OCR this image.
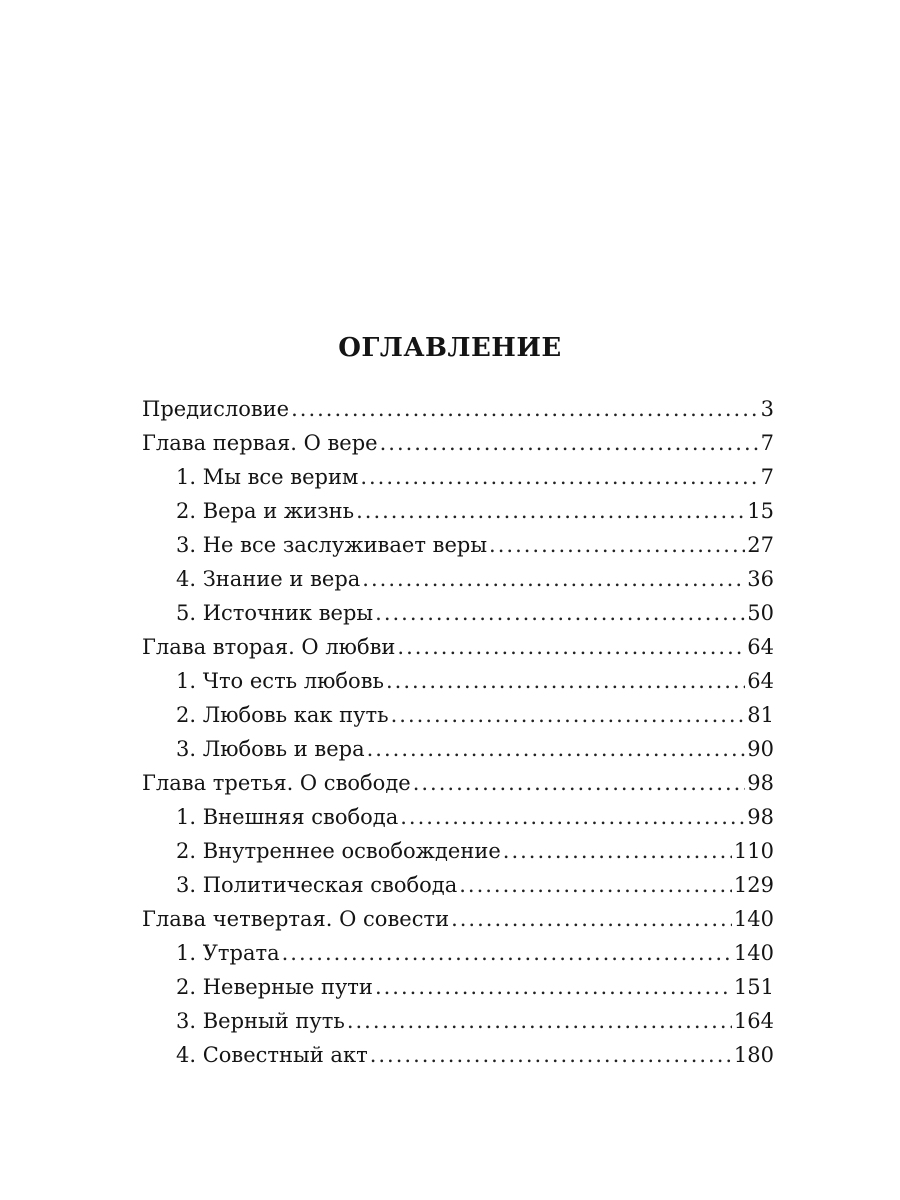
ОГЛАВЛЕНИЕ
Предисловие .....	3
Глава первая. О вере .....	7
1. Мы все верим .....	7
2. Вера и жизнь .....	15
3. Не все заслуживает веры .....	27
4. Знание и вера .....	36
5. Источник веры .....	50
Глава вторая. О любви .....	64
1. Что есть любовь .....	64
2. Любовь как путь .....	81
3. Любовь и вера .....	90
Глава третья. О свободе .....	98
1. Внешняя свобода .....	98
2. Внутреннее освобождение .....	110
3. Политическая свобода .....	129
Глава четвертая. О совести .....	140
1. Утрата .....	140
2. Неверные пути .....	151
3. Верный путь .....	164
4. Совестный акт .....	180
